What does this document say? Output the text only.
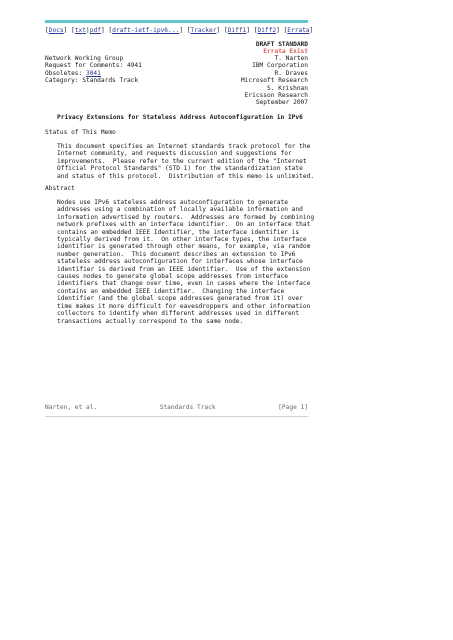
[Docs] [txt|pdf] [draft-ietf-ipv6...] [Tracker] [Diff1] [Diff2] [Errata]
DRAFT STANDARD
Errata Exist
Network Working Group
Request for Comments: 4941
Obsoletes: 3041
Category: Standards Track
T. Narten
IBM Corporation
R. Draves
Microsoft Research
S. Krishnan
Ericsson Research
September 2007
Privacy Extensions for Stateless Address Autoconfiguration in IPv6
Status of This Memo
This document specifies an Internet standards track protocol for the
Internet community, and requests discussion and suggestions for
improvements.  Please refer to the current edition of the "Internet
Official Protocol Standards" (STD 1) for the standardization state
and status of this protocol.  Distribution of this memo is unlimited.
Abstract
Nodes use IPv6 stateless address autoconfiguration to generate
addresses using a combination of locally available information and
information advertised by routers.  Addresses are formed by combining
network prefixes with an interface identifier.  On an interface that
contains an embedded IEEE Identifier, the interface identifier is
typically derived from it.  On other interface types, the interface
identifier is generated through other means, for example, via random
number generation.  This document describes an extension to IPv6
stateless address autoconfiguration for interfaces whose interface
identifier is derived from an IEEE identifier.  Use of the extension
causes nodes to generate global scope addresses from interface
identifiers that change over time, even in cases where the interface
contains an embedded IEEE identifier.  Changing the interface
identifier (and the global scope addresses generated from it) over
time makes it more difficult for eavesdroppers and other information
collectors to identify when different addresses used in different
transactions actually correspond to the same node.
Narten, et al.	Standards Track	[Page 1]
